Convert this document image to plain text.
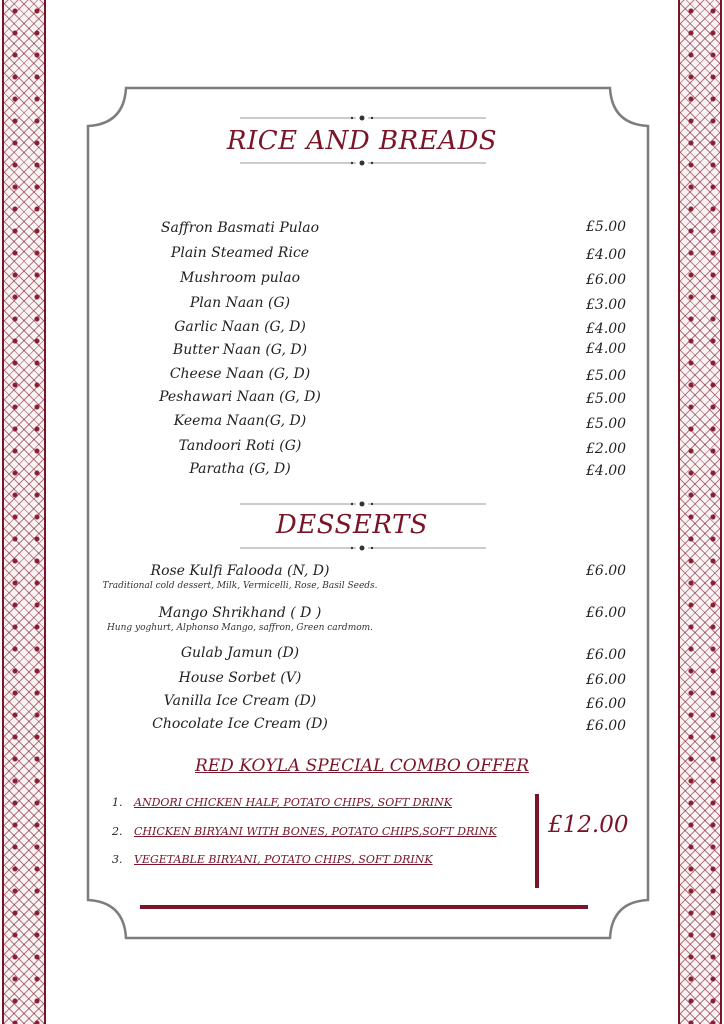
RICE AND BREADS
Saffron Basmati Pulao	£5.00
Plain Steamed Rice	£4.00
Mushroom pulao	£6.00
Plan Naan (G)	£3.00
Garlic Naan (G, D)	£4.00
Butter Naan (G, D)	£4.00
Cheese Naan (G, D)	£5.00
Peshawari Naan (G, D)	£5.00
Keema Naan(G, D)	£5.00
Tandoori Roti (G)	£2.00
Paratha (G, D)	£4.00
DESSERTS
Rose Kulfi Falooda (N, D)	£6.00
Traditional cold dessert, Milk, Vermicelli, Rose, Basil Seeds.
Mango Shrikhand ( D )	£6.00
Hung yoghurt, Alphonso Mango, saffron, Green cardmom.
Gulab Jamun (D)	£6.00
House Sorbet (V)	£6.00
Vanilla Ice Cream (D)	£6.00
Chocolate Ice Cream (D)	£6.00
RED KOYLA SPECIAL COMBO OFFER
1. ANDORI CHICKEN HALF, POTATO CHIPS, SOFT DRINK
2. CHICKEN BIRYANI WITH BONES, POTATO CHIPS,SOFT DRINK
3. VEGETABLE BIRYANI, POTATO CHIPS, SOFT DRINK
£12.00
